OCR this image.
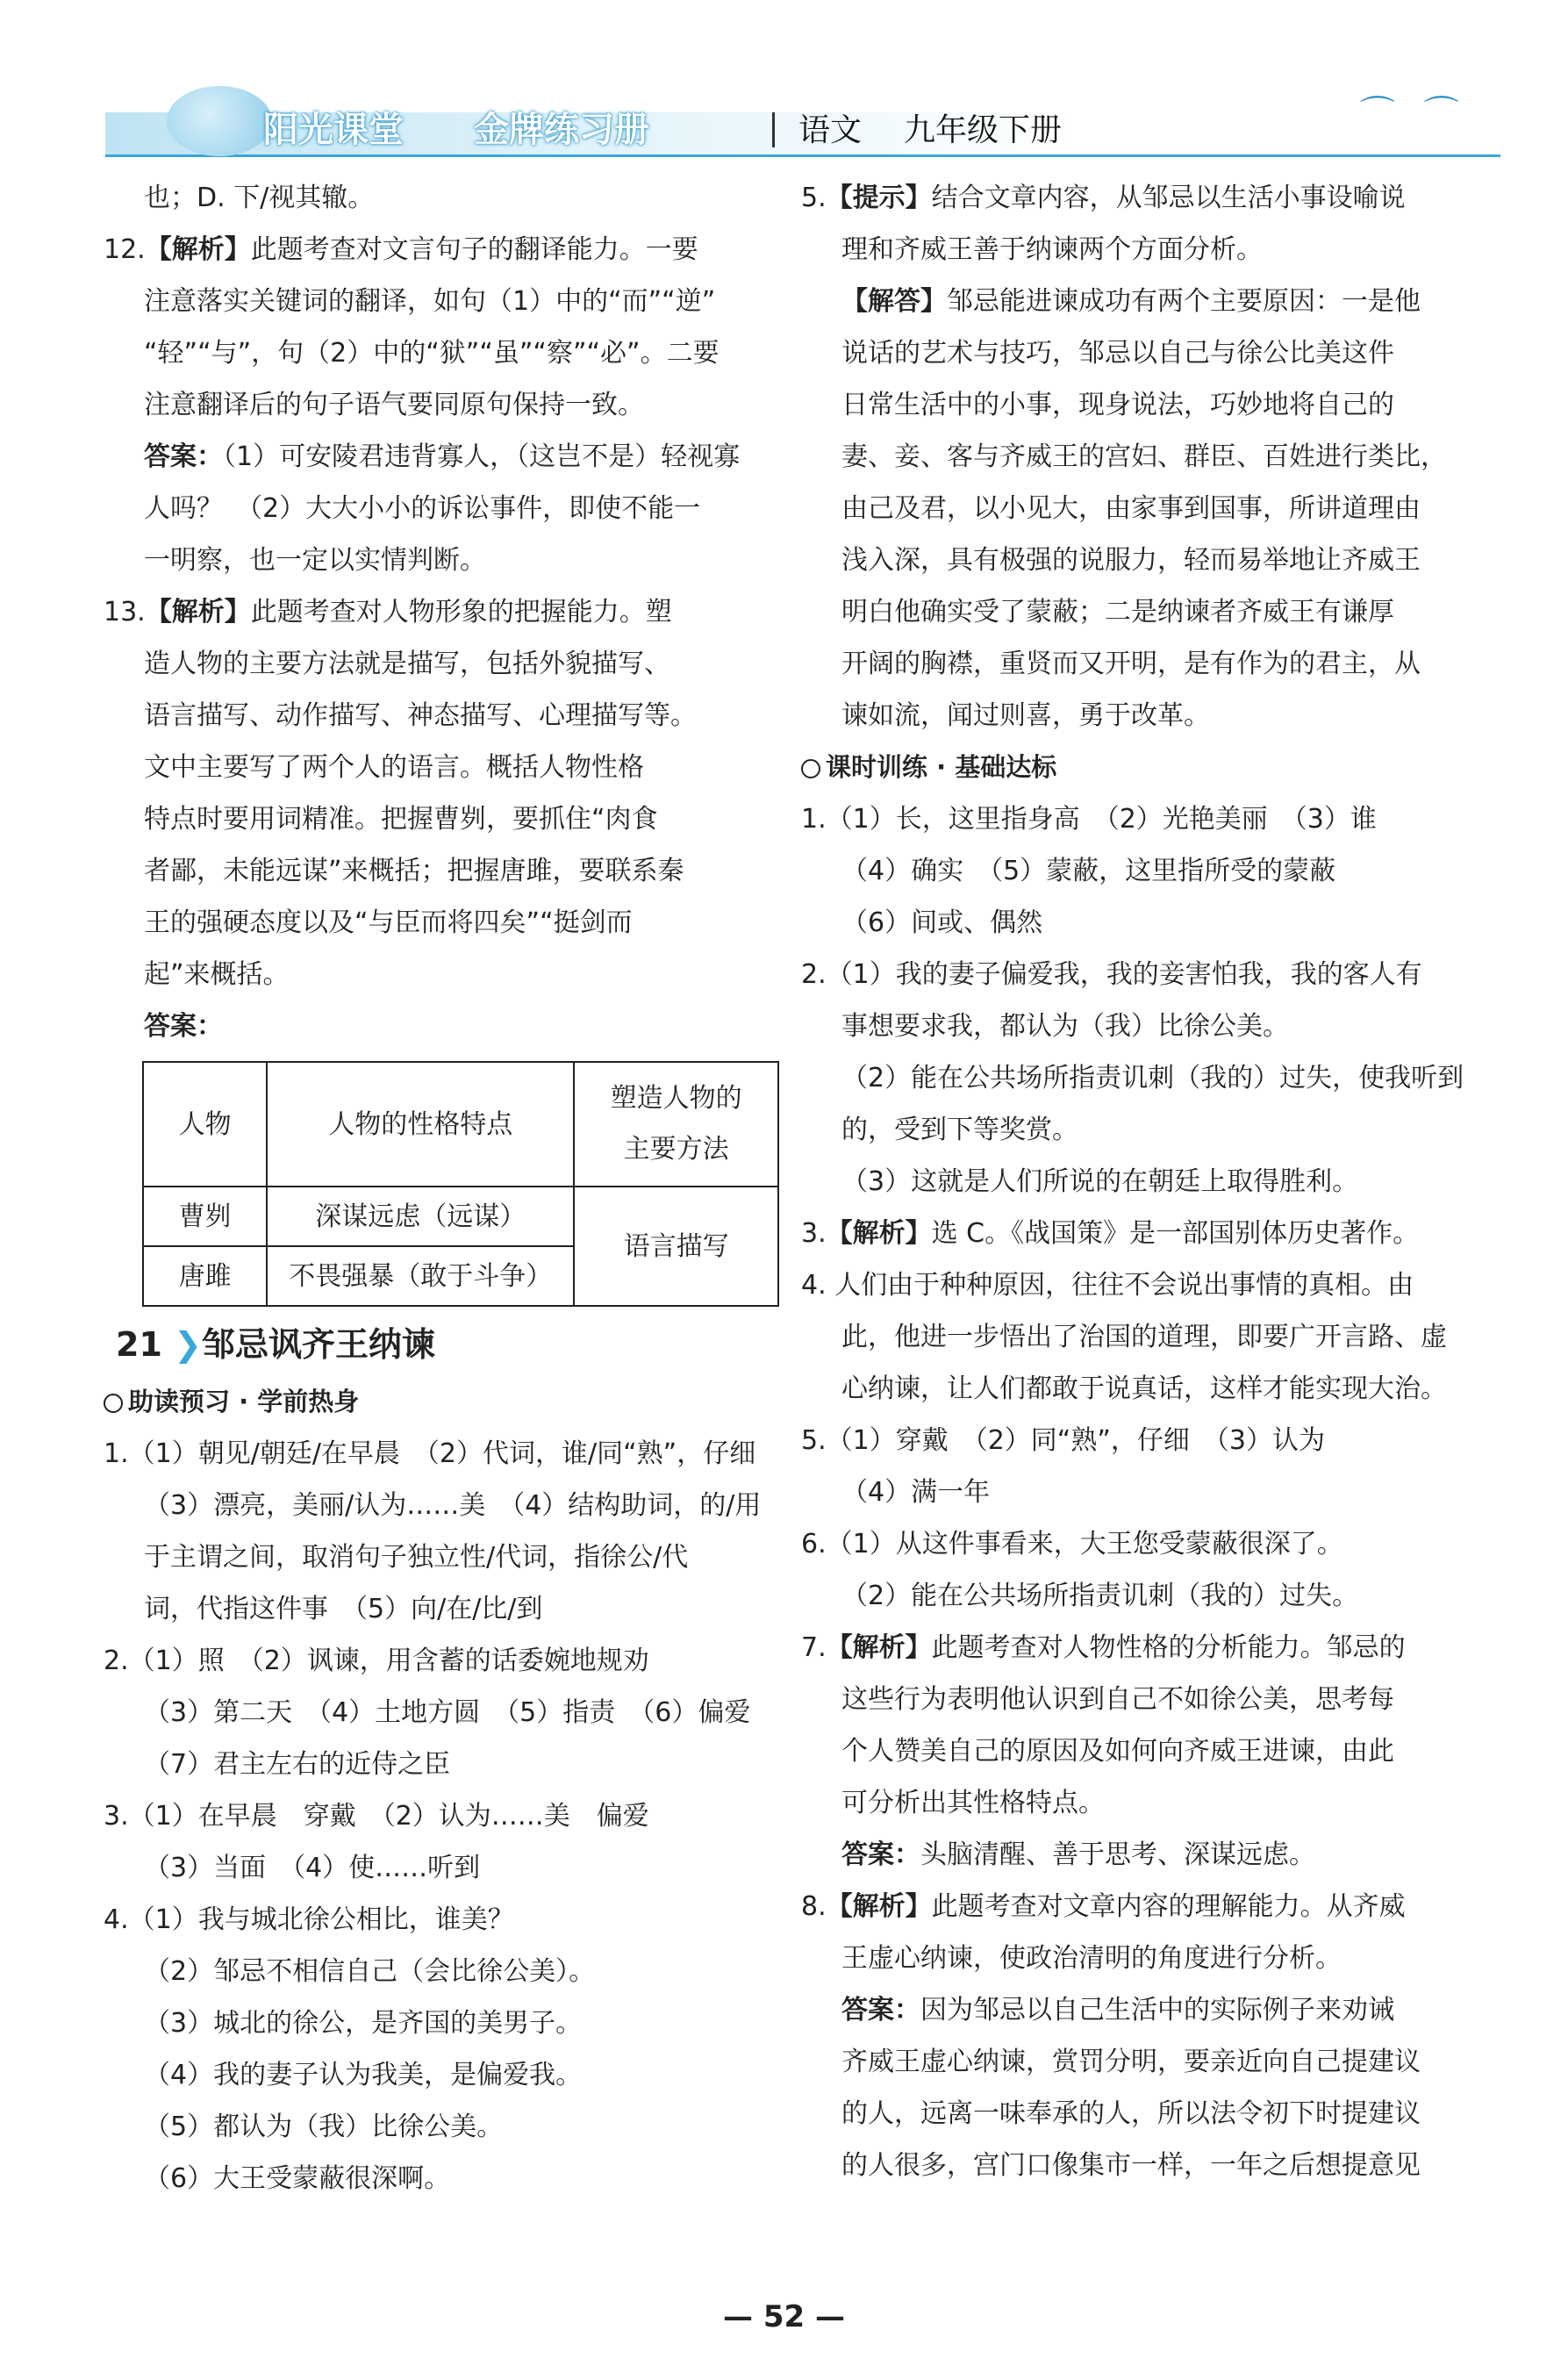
阳光课堂 金牌练习册	语文 九年级下册	⌒ ⌒

也；D. 下/视其辙。

12.【解析】此题考查对文言句子的翻译能力。一要

注意落实关键词的翻译，如句（1）中的“而”“逆”

“轻”“与”，句（2）中的“狱”“虽”“察”“必”。二要

注意翻译后的句子语气要同原句保持一致。

答案：（1）可安陵君违背寡人，（这岂不是）轻视寡

人吗？　（2）大大小小的诉讼事件，即使不能一

一明察，也一定以实情判断。

13.【解析】此题考查对人物形象的把握能力。塑

造人物的主要方法就是描写，包括外貌描写、

语言描写、动作描写、神态描写、心理描写等。

文中主要写了两个人的语言。概括人物性格

特点时要用词精准。把握曹刿，要抓住“肉食

者鄙，未能远谋”来概括；把握唐雎，要联系秦

王的强硬态度以及“与臣而将四矣”“挺剑而

起”来概括。

答案：

人物	人物的性格特点	塑造人物的
主要方法

曹刿	深谋远虑（远谋）	语言描写
唐雎	不畏强暴（敢于斗争）	

21 ❯邹忌讽齐王纳谏

助读预习 · 学前热身

1.（1）朝见/朝廷/在早晨　（2）代词，谁/同“熟”，仔细

（3）漂亮，美丽/认为……美　（4）结构助词，的/用

于主谓之间，取消句子独立性/代词，指徐公/代

词，代指这件事　（5）向/在/比/到

2.（1）照　（2）讽谏，用含蓄的话委婉地规劝

（3）第二天　（4）土地方圆　（5）指责　（6）偏爱

（7）君主左右的近侍之臣

3.（1）在早晨　穿戴　（2）认为……美　偏爱

（3）当面　（4）使……听到

4.（1）我与城北徐公相比，谁美？

（2）邹忌不相信自己（会比徐公美）。

（3）城北的徐公，是齐国的美男子。

（4）我的妻子认为我美，是偏爱我。

（5）都认为（我）比徐公美。

（6）大王受蒙蔽很深啊。

5.【提示】结合文章内容，从邹忌以生活小事设喻说

理和齐威王善于纳谏两个方面分析。

【解答】邹忌能进谏成功有两个主要原因：一是他

说话的艺术与技巧，邹忌以自己与徐公比美这件

日常生活中的小事，现身说法，巧妙地将自己的

妻、妾、客与齐威王的宫妇、群臣、百姓进行类比，

由己及君，以小见大，由家事到国事，所讲道理由

浅入深，具有极强的说服力，轻而易举地让齐威王

明白他确实受了蒙蔽；二是纳谏者齐威王有谦厚

开阔的胸襟，重贤而又开明，是有作为的君主，从

谏如流，闻过则喜，勇于改革。

课时训练 · 基础达标

1.（1）长，这里指身高　（2）光艳美丽　（3）谁

（4）确实　（5）蒙蔽，这里指所受的蒙蔽

（6）间或、偶然

2.（1）我的妻子偏爱我，我的妾害怕我，我的客人有

事想要求我，都认为（我）比徐公美。

（2）能在公共场所指责讥刺（我的）过失，使我听到

的，受到下等奖赏。

（3）这就是人们所说的在朝廷上取得胜利。

3.【解析】选 C。《战国策》是一部国别体历史著作。

4. 人们由于种种原因，往往不会说出事情的真相。由

此，他进一步悟出了治国的道理，即要广开言路、虚

心纳谏，让人们都敢于说真话，这样才能实现大治。

5.（1）穿戴　（2）同“熟”，仔细　（3）认为

（4）满一年

6.（1）从这件事看来，大王您受蒙蔽很深了。

（2）能在公共场所指责讥刺（我的）过失。

7.【解析】此题考查对人物性格的分析能力。邹忌的

这些行为表明他认识到自己不如徐公美，思考每

个人赞美自己的原因及如何向齐威王进谏，由此

可分析出其性格特点。

答案：头脑清醒、善于思考、深谋远虑。

8.【解析】此题考查对文章内容的理解能力。从齐威

王虚心纳谏，使政治清明的角度进行分析。

答案：因为邹忌以自己生活中的实际例子来劝诫

齐威王虚心纳谏，赏罚分明，要亲近向自己提建议

的人，远离一味奉承的人，所以法令初下时提建议

的人很多，宫门口像集市一样，一年之后想提意见

— 52 —
